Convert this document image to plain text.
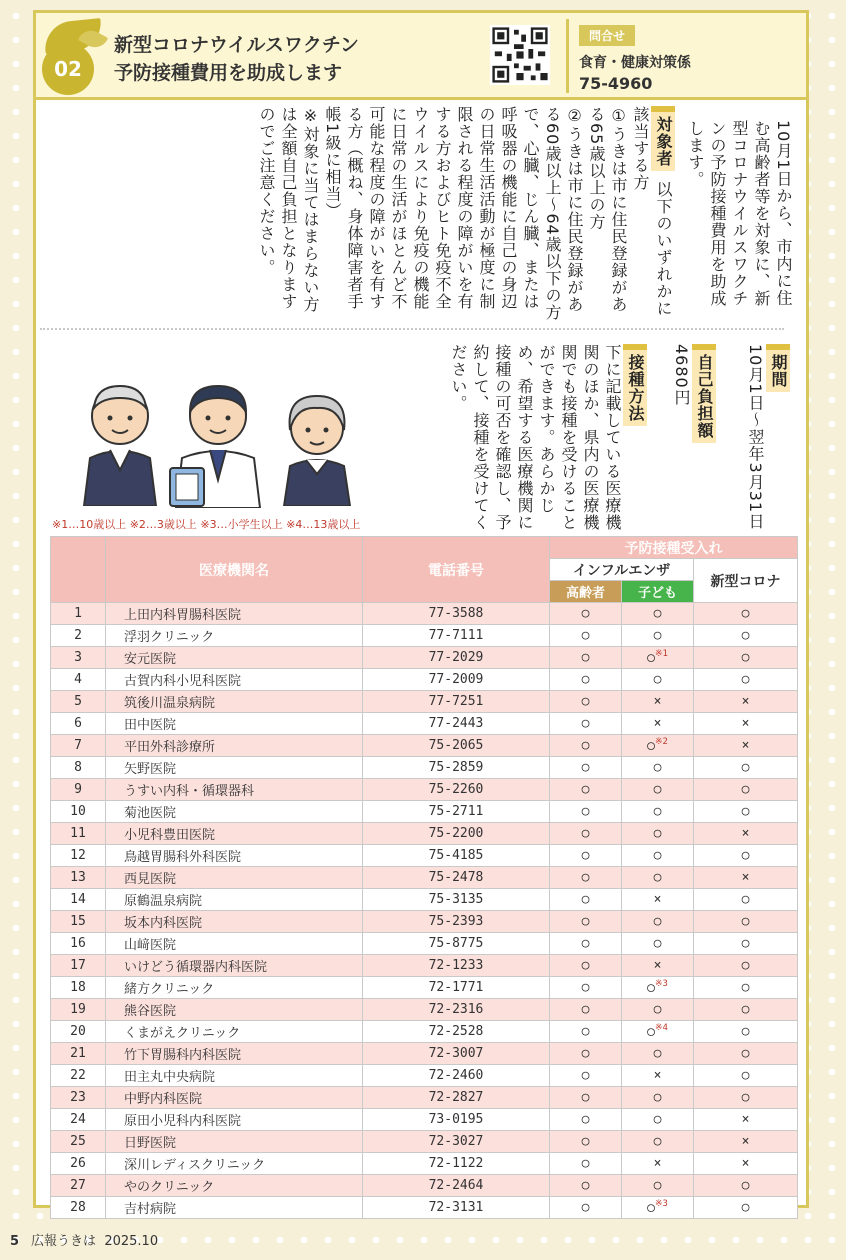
02
新型コロナウイルスワクチン
予防接種費用を助成します
問合せ
食育・健康対策係
75-4960
10月1日から、市内に住む高齢者等を対象に、新型コロナウイルスワクチンの予防接種費用を助成します。
対象者以下のいずれかに該当する方
①うきは市に住民登録がある65歳以上の方
②うきは市に住民登録がある60歳以上〜64歳以下の方で、心臓、じん臓、または呼吸器の機能に自己の身辺の日常生活活動が極度に制限される程度の障がいを有する方およびヒト免疫不全ウイルスにより免疫の機能に日常の生活がほとんど不可能な程度の障がいを有する方（概ね、身体障害者手帳1級に相当）
※対象に当てはまらない方は全額自己負担となりますのでご注意ください。
期間
10月1日〜翌年3月31日
自己負担額
4680円
接種方法
下に記載している医療機関のほか、県内の医療機関でも接種を受けることができます。あらかじめ、希望する医療機関に接種の可否を確認し、予約して、接種を受けてください。
※1…10歳以上 ※2…3歳以上 ※3…小学生以上 ※4…13歳以上
	医療機関名	電話番号	予防接種受入れ		
			インフルエンザ		新型コロナ
			高齢者	子ども	
1	上田内科胃腸科医院	77-3588	○	○	○
2	浮羽クリニック	77-7111	○	○	○
3	安元医院	77-2029	○	○$^{※1}$	○
4	古賀内科小児科医院	77-2009	○	○	○
5	筑後川温泉病院	77-7251	○	×	×
6	田中医院	77-2443	○	×	×
7	平田外科診療所	75-2065	○	○$^{※2}$	×
8	矢野医院	75-2859	○	○	○
9	うすい内科・循環器科	75-2260	○	○	○
10	菊池医院	75-2711	○	○	○
11	小児科豊田医院	75-2200	○	○	×
12	鳥越胃腸科外科医院	75-4185	○	○	○
13	西見医院	75-2478	○	○	×
14	原鶴温泉病院	75-3135	○	×	○
15	坂本内科医院	75-2393	○	○	○
16	山﨑医院	75-8775	○	○	○
17	いけどう循環器内科医院	72-1233	○	×	○
18	緒方クリニック	72-1771	○	○$^{※3}$	○
19	熊谷医院	72-2316	○	○	○
20	くまがえクリニック	72-2528	○	○$^{※4}$	○
21	竹下胃腸科内科医院	72-3007	○	○	○
22	田主丸中央病院	72-2460	○	×	○
23	中野内科医院	72-2827	○	○	○
24	原田小児科内科医院	73-0195	○	○	×
25	日野医院	72-3027	○	○	×
26	深川レディスクリニック	72-1122	○	×	×
27	やのクリニック	72-2464	○	○	○
28	吉村病院	72-3131	○	○$^{※3}$	○
5 広報うきは 2025.10
